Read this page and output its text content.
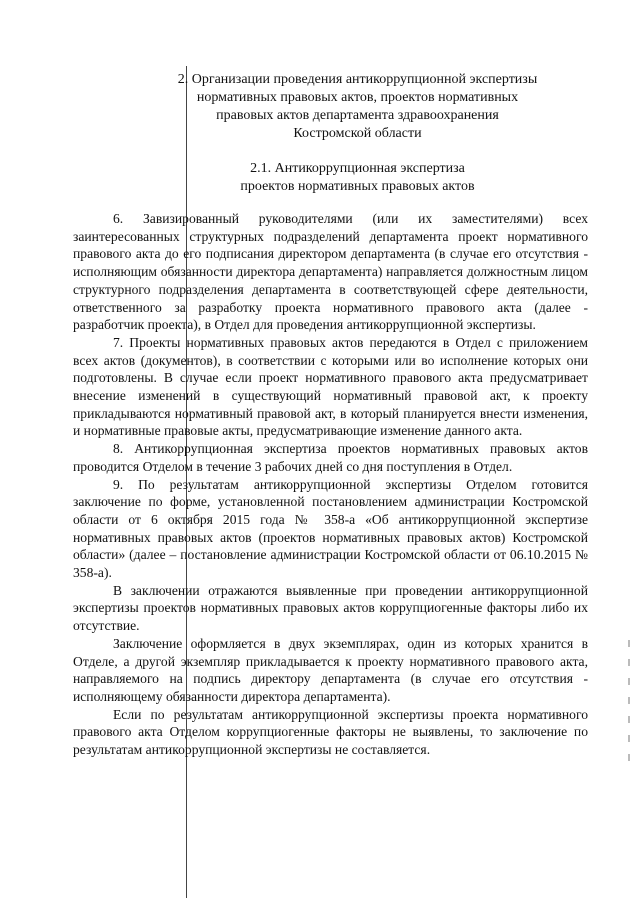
2. Организации проведения антикоррупционной экспертизы
нормативных правовых актов, проектов нормативных
правовых актов департамента здравоохранения
Костромской области
2.1. Антикоррупционная экспертиза
проектов нормативных правовых актов

6. Завизированный руководителями (или их заместителями) всех заинтересованных структурных подразделений департамента проект нормативного правового акта до его подписания директором департамента (в случае его отсутствия - исполняющим обязанности директора департамента) направляется должностным лицом структурного подразделения департамента в соответствующей сфере деятельности, ответственного за разработку проекта нормативного правового акта (далее - разработчик проекта), в Отдел для проведения антикоррупционной экспертизы.

7. Проекты нормативных правовых актов передаются в Отдел с приложением всех актов (документов), в соответствии с которыми или во исполнение которых они подготовлены. В случае если проект нормативного правового акта предусматривает внесение изменений в существующий нормативный правовой акт, к проекту прикладываются нормативный правовой акт, в который планируется внести изменения, и нормативные правовые акты, предусматривающие изменение данного акта.

8. Антикоррупционная экспертиза проектов нормативных правовых актов проводится Отделом в течение 3 рабочих дней со дня поступления в Отдел.

9. По результатам антикоррупционной экспертизы Отделом готовится заключение по форме, установленной постановлением администрации Костромской области от 6 октября 2015 года № 358-а «Об антикоррупционной экспертизе нормативных правовых актов (проектов нормативных правовых актов) Костромской области» (далее – постановление администрации Костромской области от 06.10.2015 № 358-а).

В заключении отражаются выявленные при проведении антикоррупционной экспертизы проектов нормативных правовых актов коррупциогенные факторы либо их отсутствие.

Заключение оформляется в двух экземплярах, один из которых хранится в Отделе, а другой экземпляр прикладывается к проекту нормативного правового акта, направляемого на подпись директору департамента (в случае его отсутствия - исполняющему обязанности директора департамента).

Если по результатам антикоррупционной экспертизы проекта нормативного правового акта Отделом коррупциогенные факторы не выявлены, то заключение по результатам антикоррупционной экспертизы не составляется.
